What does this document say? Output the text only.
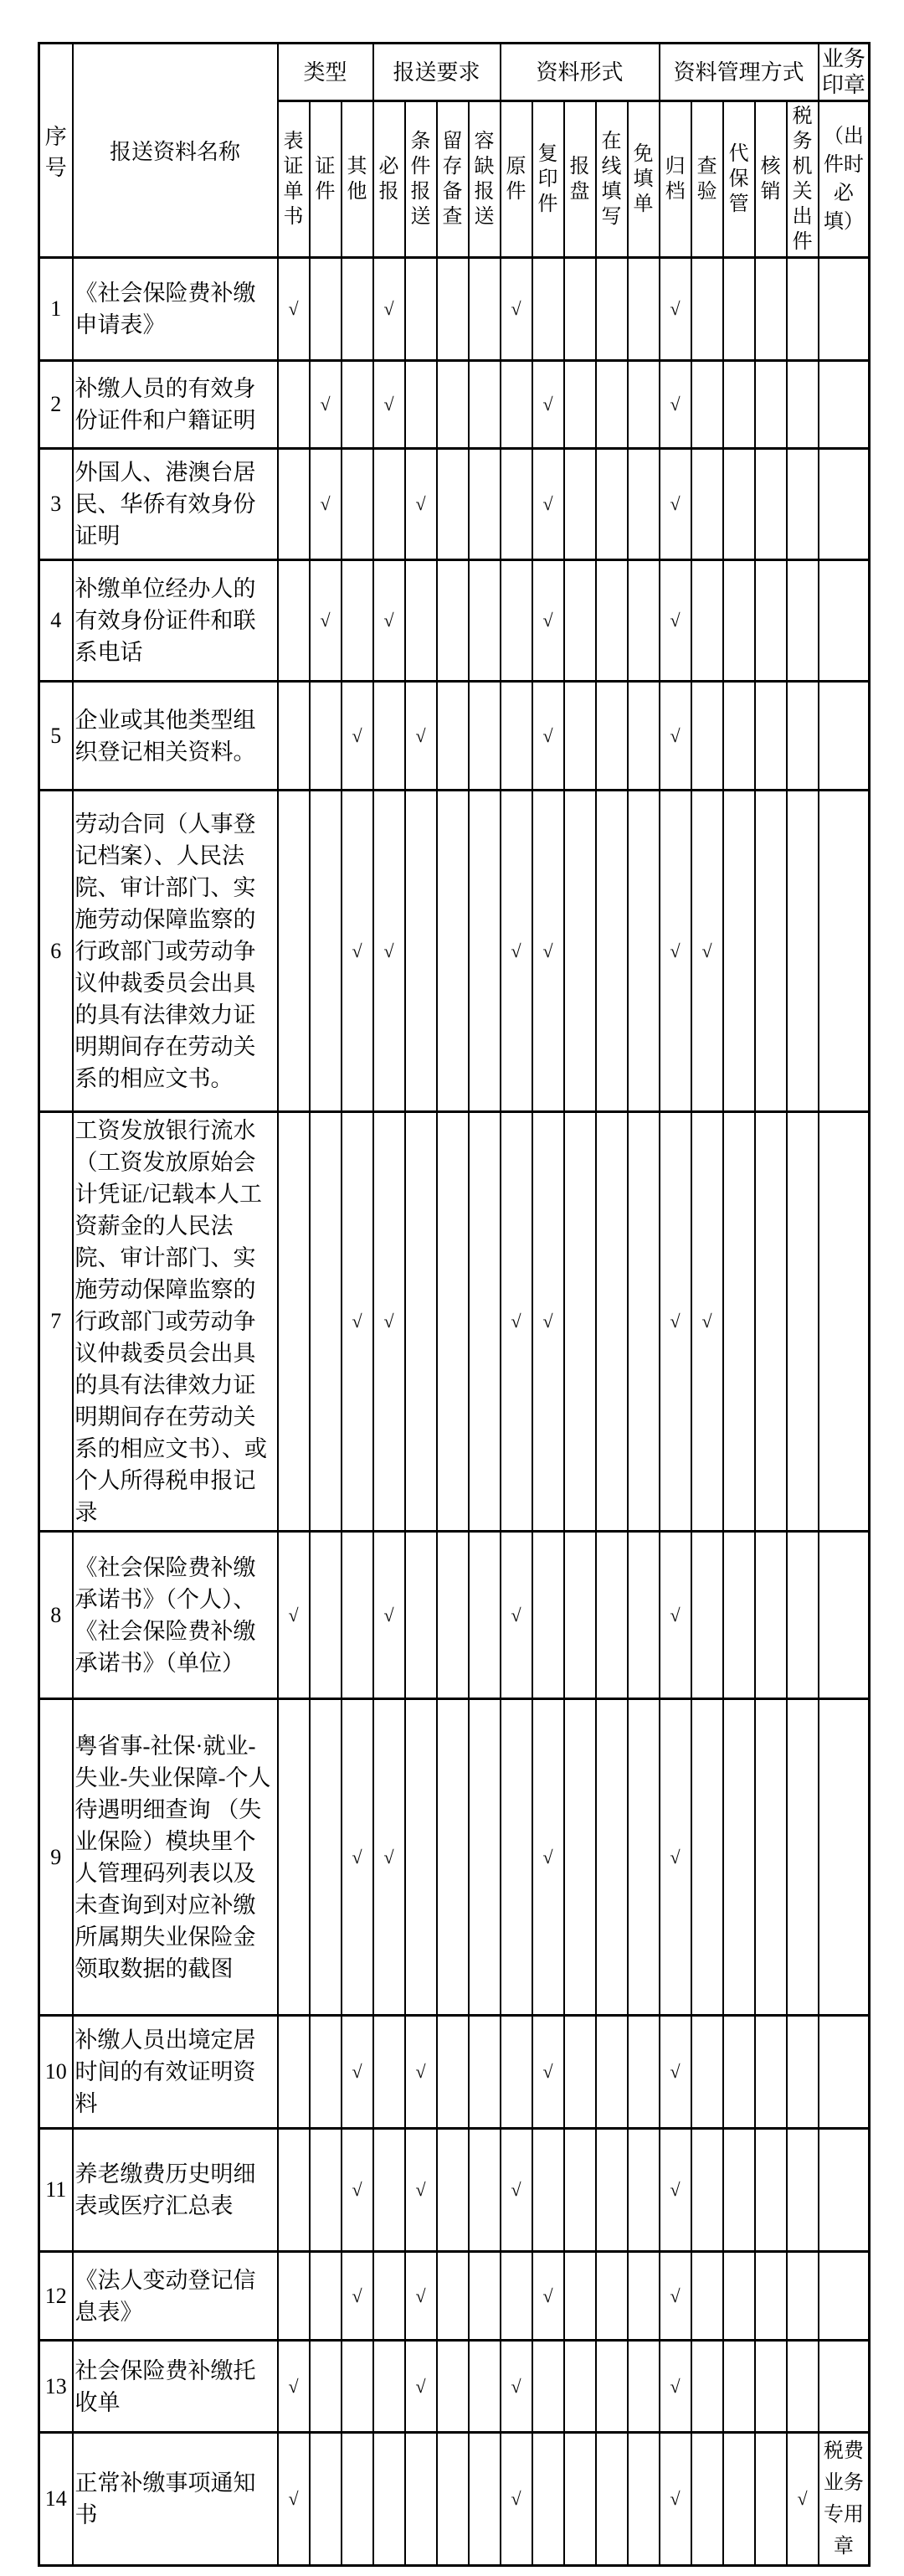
序号	报送资料名称	类型			报送要求				资料形式					资料管理方式					业务印章
		表证单书	证件	其他	必报	条件报送	留存备查	容缺报送	原件	复印件	报盘	在线填写	免填单	归档	查验	代保管	核销	税务机关出件	（出件时必填）
1	《社会保险费补缴申请表》	√			√				√					√					
2	补缴人员的有效身份证件和户籍证明		√		√					√				√					
3	外国人、港澳台居民、华侨有效身份证明		√			√				√				√					
4	补缴单位经办人的有效身份证件和联系电话		√		√					√				√					
5	企业或其他类型组织登记相关资料。			√		√				√				√					
6	劳动合同（人事登记档案）、人民法院、审计部门、实施劳动保障监察的行政部门或劳动争议仲裁委员会出具的具有法律效力证明期间存在劳动关系的相应文书。			√	√				√	√				√	√				
7	工资发放银行流水（工资发放原始会计凭证/记载本人工资薪金的人民法院、审计部门、实施劳动保障监察的行政部门或劳动争议仲裁委员会出具的具有法律效力证明期间存在劳动关系的相应文书）、或个人所得税申报记录			√	√				√	√				√	√				
8	《社会保险费补缴承诺书》（个人）、《社会保险费补缴承诺书》（单位）	√			√				√					√					
9	粤省事-社保·就业-失业-失业保障-个人待遇明细查询 （失业保险）模块里个人管理码列表以及未查询到对应补缴所属期失业保险金领取数据的截图			√	√					√				√					
10	补缴人员出境定居时间的有效证明资料			√		√				√				√					
11	养老缴费历史明细表或医疗汇总表			√		√			√					√					
12	《法人变动登记信息表》			√		√				√				√					
13	社会保险费补缴托收单	√				√			√					√					
14	正常补缴事项通知书	√							√					√				√	税费业务专用章
